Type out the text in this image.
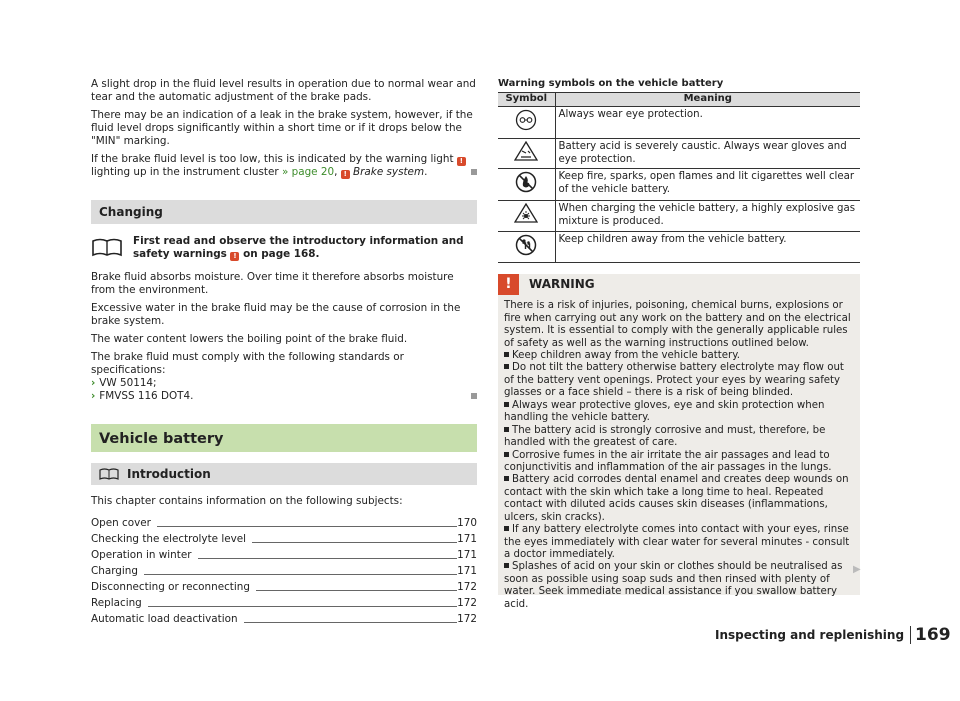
A slight drop in the fluid level results in operation due to normal wear and tear and the automatic adjustment of the brake pads.

There may be an indication of a leak in the brake system, however, if the fluid level drops significantly within a short time or if it drops below the "MIN" marking.

If the brake fluid level is too low, this is indicated by the warning light ! lighting up in the instrument cluster » page 20, ! Brake system.

Changing
First read and observe the introductory information and safety warnings ! on page 168.

Brake fluid absorbs moisture. Over time it therefore absorbs moisture from the environment.

Excessive water in the brake fluid may be the cause of corrosion in the brake system.

The water content lowers the boiling point of the brake fluid.

The brake fluid must comply with the following standards or specifications:

› VW 50114;
› FMVSS 116 DOT4.
Vehicle battery
Introduction

This chapter contains information on the following subjects:

Open cover	170
Checking the electrolyte level	171
Operation in winter	171
Charging	171
Disconnecting or reconnecting	172
Replacing	172
Automatic load deactivation	172
Warning symbols on the vehicle battery
Symbol	Meaning
	Always wear eye protection.
	Battery acid is severely caustic. Always wear gloves and eye protection.
	Keep fire, sparks, open flames and lit cigarettes well clear of the vehicle battery.
	When charging the vehicle battery, a highly explosive gas mixture is produced.
	Keep children away from the vehicle battery.
!	WARNING

There is a risk of injuries, poisoning, chemical burns, explosions or fire when carrying out any work on the battery and on the electrical system. It is essential to comply with the generally applicable rules of safety as well as the warning instructions outlined below.

Keep children away from the vehicle battery.

Do not tilt the battery otherwise battery electrolyte may flow out of the battery vent openings. Protect your eyes by wearing safety glasses or a face shield – there is a risk of being blinded.

Always wear protective gloves, eye and skin protection when handling the vehicle battery.

The battery acid is strongly corrosive and must, therefore, be handled with the greatest of care.

Corrosive fumes in the air irritate the air passages and lead to conjunctivitis and inflammation of the air passages in the lungs.

Battery acid corrodes dental enamel and creates deep wounds on contact with the skin which take a long time to heal. Repeated contact with diluted acids causes skin diseases (inflammations, ulcers, skin cracks).

If any battery electrolyte comes into contact with your eyes, rinse the eyes immediately with clear water for several minutes - consult a doctor immediately.

Splashes of acid on your skin or clothes should be neutralised as soon as possible using soap suds and then rinsed with plenty of water. Seek immediate medical assistance if you swallow battery acid.

▶
Inspecting and replenishing 169
